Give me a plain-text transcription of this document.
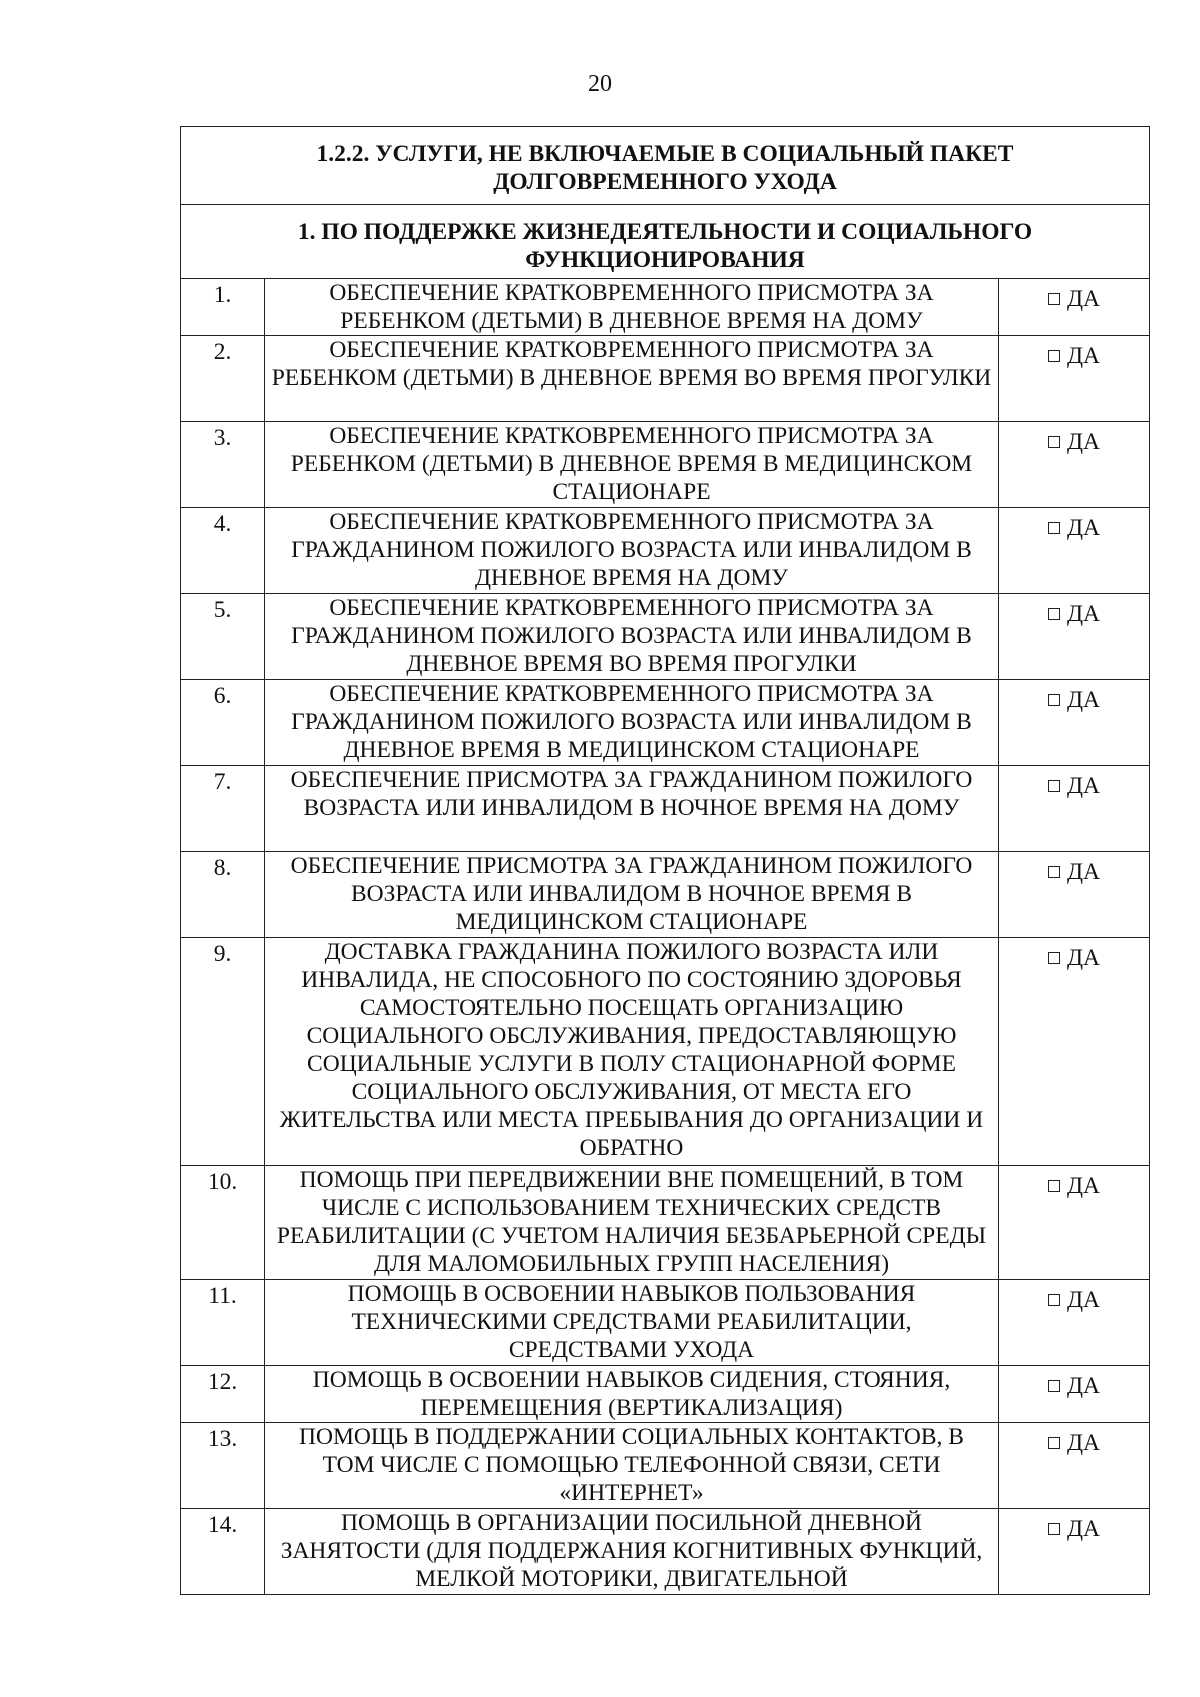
20
1.2.2. УСЛУГИ, НЕ ВКЛЮЧАЕМЫЕ В СОЦИАЛЬНЫЙ ПАКЕТ ДОЛГОВРЕМЕННОГО УХОДА		
1. ПО ПОДДЕРЖКЕ ЖИЗНЕДЕЯТЕЛЬНОСТИ И СОЦИАЛЬНОГО ФУНКЦИОНИРОВАНИЯ		
1.	ОБЕСПЕЧЕНИЕ КРАТКОВРЕМЕННОГО ПРИСМОТРА ЗА РЕБЕНКОМ (ДЕТЬМИ) В ДНЕВНОЕ ВРЕМЯ НА ДОМУ	ДА
2.	ОБЕСПЕЧЕНИЕ КРАТКОВРЕМЕННОГО ПРИСМОТРА ЗА РЕБЕНКОМ (ДЕТЬМИ) В ДНЕВНОЕ ВРЕМЯ ВО ВРЕМЯ ПРОГУЛКИ	ДА
3.	ОБЕСПЕЧЕНИЕ КРАТКОВРЕМЕННОГО ПРИСМОТРА ЗА РЕБЕНКОМ (ДЕТЬМИ) В ДНЕВНОЕ ВРЕМЯ В МЕДИЦИНСКОМ СТАЦИОНАРЕ	ДА
4.	ОБЕСПЕЧЕНИЕ КРАТКОВРЕМЕННОГО ПРИСМОТРА ЗА ГРАЖДАНИНОМ ПОЖИЛОГО ВОЗРАСТА ИЛИ ИНВАЛИДОМ В ДНЕВНОЕ ВРЕМЯ НА ДОМУ	ДА
5.	ОБЕСПЕЧЕНИЕ КРАТКОВРЕМЕННОГО ПРИСМОТРА ЗА ГРАЖДАНИНОМ ПОЖИЛОГО ВОЗРАСТА ИЛИ ИНВАЛИДОМ В ДНЕВНОЕ ВРЕМЯ ВО ВРЕМЯ ПРОГУЛКИ	ДА
6.	ОБЕСПЕЧЕНИЕ КРАТКОВРЕМЕННОГО ПРИСМОТРА ЗА ГРАЖДАНИНОМ ПОЖИЛОГО ВОЗРАСТА ИЛИ ИНВАЛИДОМ В ДНЕВНОЕ ВРЕМЯ В МЕДИЦИНСКОМ СТАЦИОНАРЕ	ДА
7.	ОБЕСПЕЧЕНИЕ ПРИСМОТРА ЗА ГРАЖДАНИНОМ ПОЖИЛОГО ВОЗРАСТА ИЛИ ИНВАЛИДОМ В НОЧНОЕ ВРЕМЯ НА ДОМУ	ДА
8.	ОБЕСПЕЧЕНИЕ ПРИСМОТРА ЗА ГРАЖДАНИНОМ ПОЖИЛОГО ВОЗРАСТА ИЛИ ИНВАЛИДОМ В НОЧНОЕ ВРЕМЯ В МЕДИЦИНСКОМ СТАЦИОНАРЕ	ДА
9.	ДОСТАВКА ГРАЖДАНИНА ПОЖИЛОГО ВОЗРАСТА ИЛИ ИНВАЛИДА, НЕ СПОСОБНОГО ПО СОСТОЯНИЮ ЗДОРОВЬЯ САМОСТОЯТЕЛЬНО ПОСЕЩАТЬ ОРГАНИЗАЦИЮ СОЦИАЛЬНОГО ОБСЛУЖИВАНИЯ, ПРЕДОСТАВЛЯЮЩУЮ СОЦИАЛЬНЫЕ УСЛУГИ В ПОЛУ СТАЦИОНАРНОЙ ФОРМЕ СОЦИАЛЬНОГО ОБСЛУЖИВАНИЯ, ОТ МЕСТА ЕГО ЖИТЕЛЬСТВА ИЛИ МЕСТА ПРЕБЫВАНИЯ ДО ОРГАНИЗАЦИИ И ОБРАТНО	ДА
10.	ПОМОЩЬ ПРИ ПЕРЕДВИЖЕНИИ ВНЕ ПОМЕЩЕНИЙ, В ТОМ ЧИСЛЕ С ИСПОЛЬЗОВАНИЕМ ТЕХНИЧЕСКИХ СРЕДСТВ РЕАБИЛИТАЦИИ (С УЧЕТОМ НАЛИЧИЯ БЕЗБАРЬЕРНОЙ СРЕДЫ ДЛЯ МАЛОМОБИЛЬНЫХ ГРУПП НАСЕЛЕНИЯ)	ДА
11.	ПОМОЩЬ В ОСВОЕНИИ НАВЫКОВ ПОЛЬЗОВАНИЯ ТЕХНИЧЕСКИМИ СРЕДСТВАМИ РЕАБИЛИТАЦИИ, СРЕДСТВАМИ УХОДА	ДА
12.	ПОМОЩЬ В ОСВОЕНИИ НАВЫКОВ СИДЕНИЯ, СТОЯНИЯ, ПЕРЕМЕЩЕНИЯ (ВЕРТИКАЛИЗАЦИЯ)	ДА
13.	ПОМОЩЬ В ПОДДЕРЖАНИИ СОЦИАЛЬНЫХ КОНТАКТОВ, В ТОМ ЧИСЛЕ С ПОМОЩЬЮ ТЕЛЕФОННОЙ СВЯЗИ, СЕТИ «ИНТЕРНЕТ»	ДА
14.	ПОМОЩЬ В ОРГАНИЗАЦИИ ПОСИЛЬНОЙ ДНЕВНОЙ ЗАНЯТОСТИ (ДЛЯ ПОДДЕРЖАНИЯ КОГНИТИВНЫХ ФУНКЦИЙ, МЕЛКОЙ МОТОРИКИ, ДВИГАТЕЛЬНОЙ	ДА
